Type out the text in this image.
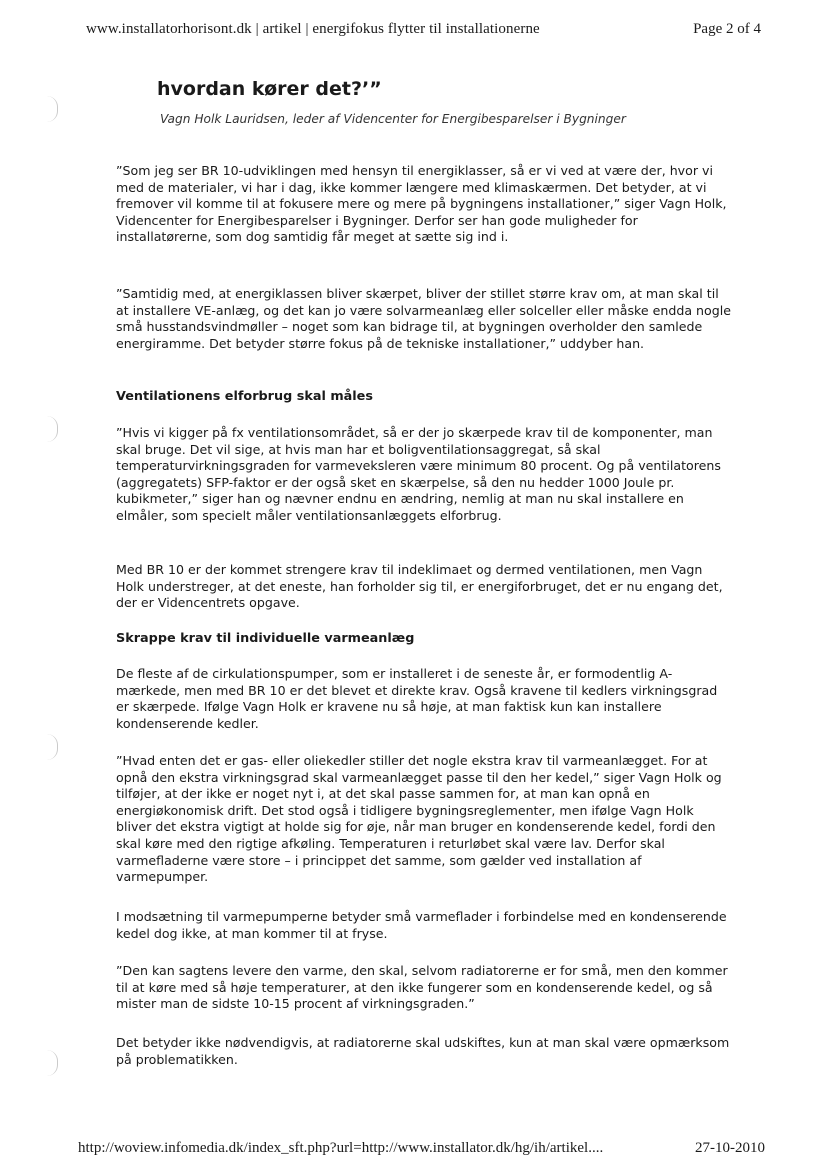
www.installatorhorisont.dk | artikel | energifokus flytter til installationerne	Page 2 of 4
hvordan kører det?’”
Vagn Holk Lauridsen, leder af Videncenter for Energibesparelser i Bygninger

”Som jeg ser BR 10-udviklingen med hensyn til energiklasser, så er vi ved at være der, hvor vi med de materialer, vi har i dag, ikke kommer længere med klimaskærmen. Det betyder, at vi fremover vil komme til at fokusere mere og mere på bygningens installationer,” siger Vagn Holk, Videncenter for Energibesparelser i Bygninger. Derfor ser han gode muligheder for installatørerne, som dog samtidig får meget at sætte sig ind i.

”Samtidig med, at energiklassen bliver skærpet, bliver der stillet større krav om, at man skal til at installere VE-anlæg, og det kan jo være solvarmeanlæg eller solceller eller måske endda nogle små husstandsvindmøller – noget som kan bidrage til, at bygningen overholder den samlede energiramme. Det betyder større fokus på de tekniske installationer,” uddyber han.

Ventilationens elforbrug skal måles

”Hvis vi kigger på fx ventilationsområdet, så er der jo skærpede krav til de komponenter, man skal bruge. Det vil sige, at hvis man har et boligventilationsaggregat, så skal temperaturvirkningsgraden for varmeveksleren være minimum 80 procent. Og på ventilatorens (aggregatets) SFP-faktor er der også sket en skærpelse, så den nu hedder 1000 Joule pr. kubikmeter,” siger han og nævner endnu en ændring, nemlig at man nu skal installere en elmåler, som specielt måler ventilationsanlæggets elforbrug.

Med BR 10 er der kommet strengere krav til indeklimaet og dermed ventilationen, men Vagn Holk understreger, at det eneste, han forholder sig til, er energiforbruget, det er nu engang det, der er Videncentrets opgave.

Skrappe krav til individuelle varmeanlæg

De fleste af de cirkulationspumper, som er installeret i de seneste år, er formodentlig A-mærkede, men med BR 10 er det blevet et direkte krav. Også kravene til kedlers virkningsgrad er skærpede. Ifølge Vagn Holk er kravene nu så høje, at man faktisk kun kan installere kondenserende kedler.

”Hvad enten det er gas- eller oliekedler stiller det nogle ekstra krav til varmeanlægget. For at opnå den ekstra virkningsgrad skal varmeanlægget passe til den her kedel,” siger Vagn Holk og tilføjer, at der ikke er noget nyt i, at det skal passe sammen for, at man kan opnå en energiøkonomisk drift. Det stod også i tidligere bygningsreglementer, men ifølge Vagn Holk bliver det ekstra vigtigt at holde sig for øje, når man bruger en kondenserende kedel, fordi den skal køre med den rigtige afkøling. Temperaturen i returløbet skal være lav. Derfor skal varmefladerne være store – i princippet det samme, som gælder ved installation af varmepumper.

I modsætning til varmepumperne betyder små varmeflader i forbindelse med en kondenserende kedel dog ikke, at man kommer til at fryse.

”Den kan sagtens levere den varme, den skal, selvom radiatorerne er for små, men den kommer til at køre med så høje temperaturer, at den ikke fungerer som en kondenserende kedel, og så mister man de sidste 10-15 procent af virkningsgraden.”

Det betyder ikke nødvendigvis, at radiatorerne skal udskiftes, kun at man skal være opmærksom på problematikken.

http://woview.infomedia.dk/index_sft.php?url=http://www.installator.dk/hg/ih/artikel....	27-10-2010
